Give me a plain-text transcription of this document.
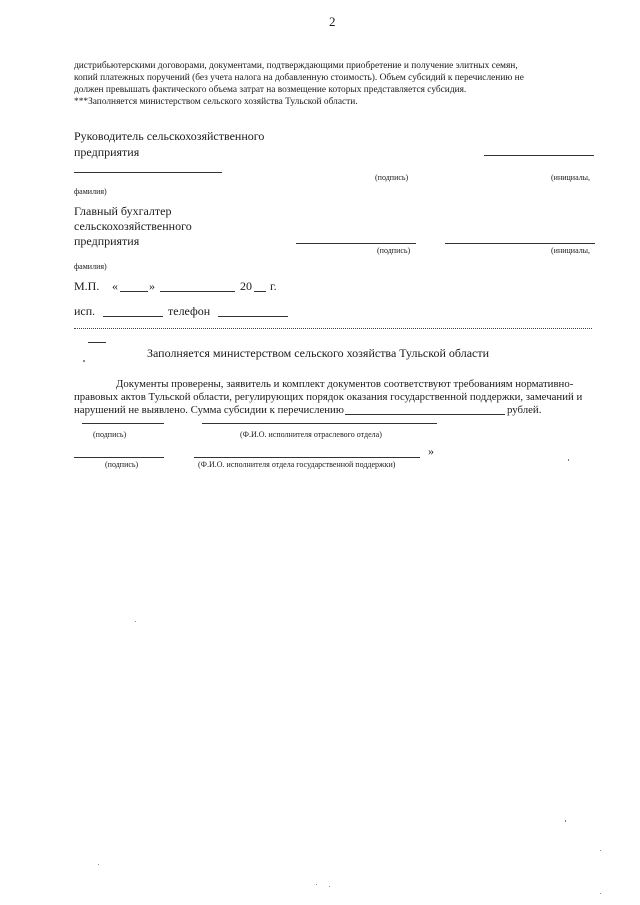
2
дистрибьютерскими договорами, документами, подтверждающими приобретение и получение элитных семян,
копий платежных поручений (без учета налога на добавленную стоимость). Объем субсидий к перечислению не
должен превышать фактического объема затрат на возмещение которых представляется субсидия.
***Заполняется министерством сельского хозяйства Тульской области.
Руководитель сельскохозяйственного
предприятия
(подпись)	(инициалы,
фамилия)
Главный бухгалтер
сельскохозяйственного
предприятия
(подпись)	(инициалы,
фамилия)
М.П. «	»	20 г.
исп.	телефон
Заполняется министерством сельского хозяйства Тульской области
Документы проверены, заявитель и комплект документов соответствуют требованиям нормативно-
правовых актов Тульской области, регулирующих порядок оказания государственной поддержки, замечаний и
нарушений не выявлено. Сумма субсидии к перечислению	рублей.
(подпись)	(Ф.И.О. исполнителя отраслевого отдела)
»
(подпись)	(Ф.И.О. исполнителя отдела государственной поддержки)
